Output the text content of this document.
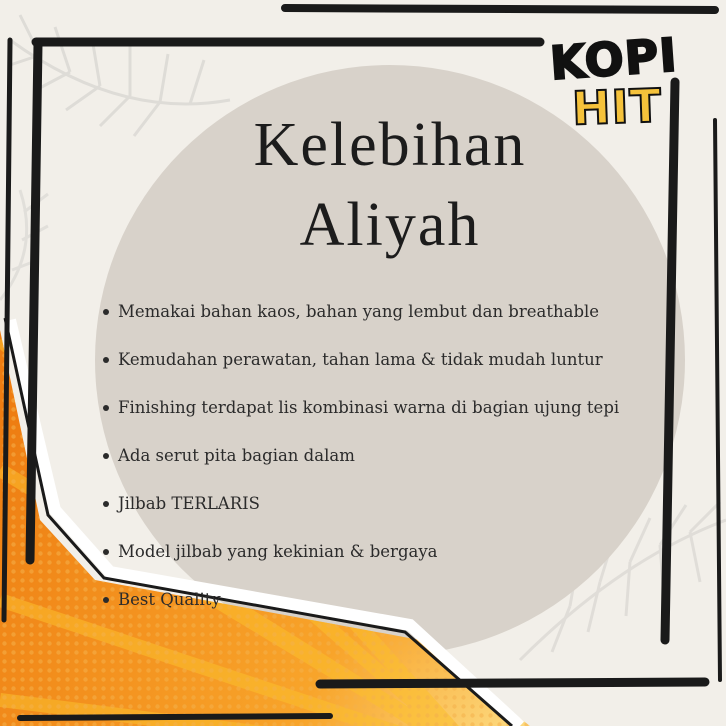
KOPI
HIT
Kelebihan
Aliyah
Memakai bahan kaos, bahan yang lembut dan breathable
Kemudahan perawatan, tahan lama & tidak mudah luntur
Finishing terdapat lis kombinasi warna di bagian ujung tepi
Ada serut pita bagian dalam
Jilbab TERLARIS
Model jilbab yang kekinian & bergaya
Best Quality
